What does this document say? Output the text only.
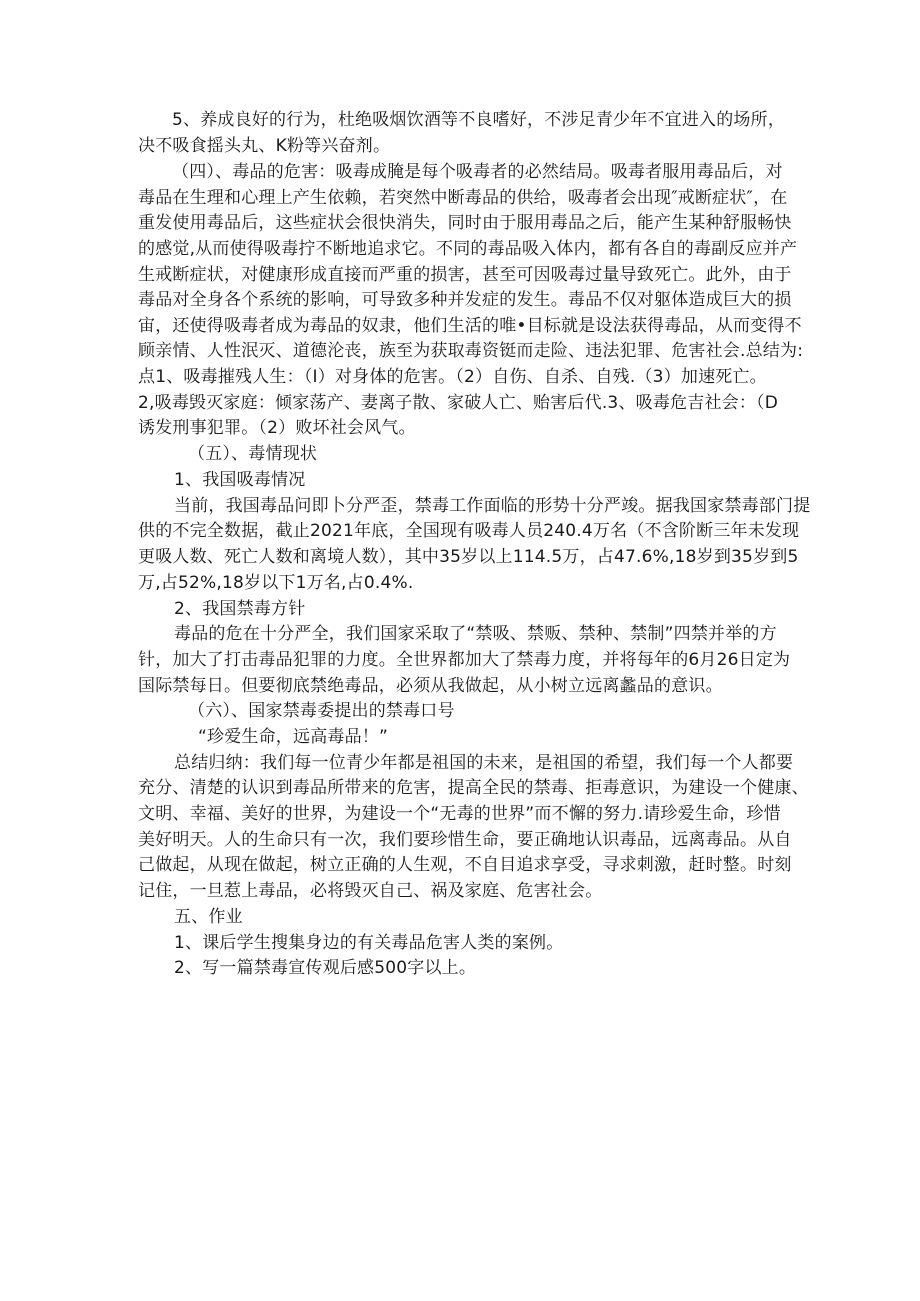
5、养成良好的行为，杜绝吸烟饮酒等不良嗜好，不涉足青少年不宜进入的场所，
决不吸食摇头丸、K粉等兴奋剂。
（四）、毒品的危害：吸毒成腌是每个吸毒者的必然结局。吸毒者服用毒品后，对
毒品在生理和心理上产生依赖，若突然中断毒品的供给，吸毒者会出现″戒断症状″，在
重发使用毒品后，这些症状会很快消失，同时由于服用毒品之后，能产生某种舒服畅快
的感觉,从而使得吸毒拧不断地追求它。不同的毒品吸入体内，都有各自的毒副反应并产
生戒断症状，对健康形成直接而严重的损害，甚至可因吸毒过量导致死亡。此外，由于
毒品对全身各个系统的影响，可导致多种并发症的发生。毒品不仅对躯体造成巨大的损
宙，还使得吸毒者成为毒品的奴隶，他们生活的唯•目标就是设法获得毒品，从而变得不
顾亲情、人性泯灭、道德沦丧，族至为获取毒资铤而走险、违法犯罪、危害社会.总结为:
点1、吸毒摧残人生：（I）对身体的危害。（2）自伤、自杀、自残.（3）加速死亡。
2,吸毒毁灭家庭：倾家荡产、妻离子散、家破人亡、贻害后代.3、吸毒危吉社会：（D
诱发刑事犯罪。（2）败坏社会风气。
（五）、毒情现状
1、我国吸毒情况
当前，我国毒品问即卜分严歪，禁毒工作面临的形势十分严竣。据我国家禁毒部门提
供的不完全数据，截止2021年底，全国现有吸毒人员240.4万名（不含阶断三年未发现
更吸人数、死亡人数和离境人数），其中35岁以上114.5万，占47.6%,18岁到35岁到5
万,占52%,18岁以下1万名,占0.4%.
2、我国禁毒方针
毒品的危在十分严全，我们国家采取了“禁吸、禁贩、禁种、禁制”四禁并举的方
针，加大了打击毒品犯罪的力度。全世界都加大了禁毒力度，并将每年的6月26日定为
国际禁每日。但要彻底禁绝毒品，必须从我做起，从小树立远离蠡品的意识。
（六）、国家禁毒委提出的禁毒口号
“珍爱生命，远高毒品！”
总结归纳：我们每一位青少年都是祖国的未来，是祖国的希望，我们每一个人都要
充分、清楚的认识到毒品所带来的危害，提高全民的禁毒、拒毒意识，为建设一个健康、
文明、幸福、美好的世界，为建设一个“无毒的世界”而不懈的努力.请珍爱生命，珍惜
美好明天。人的生命只有一次，我们要珍惜生命，要正确地认识毒品，远离毒品。从自
己做起，从现在做起，树立正确的人生观，不自目追求享受，寻求刺激，赶时整。时刻
记住，一旦惹上毒品，必将毁灭自己、祸及家庭、危害社会。
五、作业
1、课后学生搜集身边的有关毒品危害人类的案例。
2、写一篇禁毒宣传观后感500字以上。
